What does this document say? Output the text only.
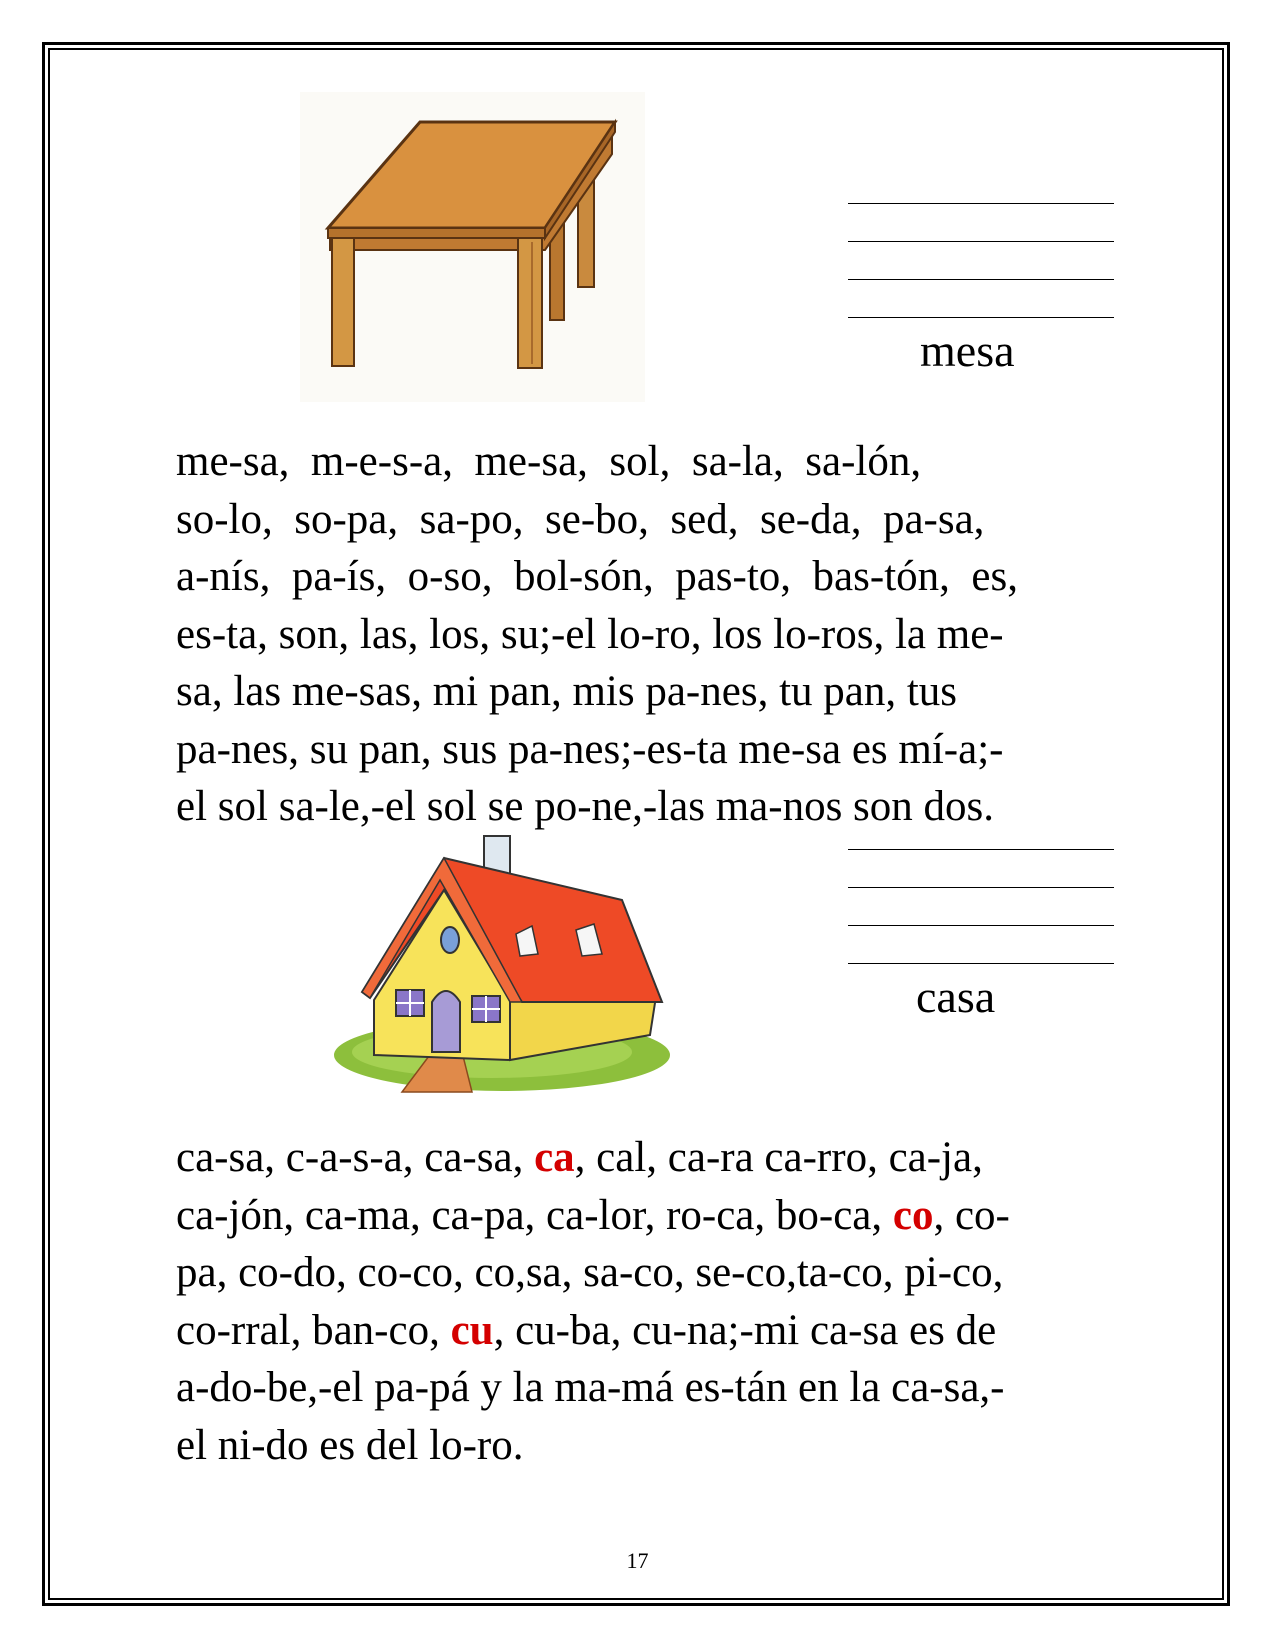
mesa
me-sa,  m-e-s-a,  me-sa,  sol,  sa-la,  sa-lón,
so-lo,  so-pa,  sa-po,  se-bo,  sed,  se-da,  pa-sa,
a-nís,  pa-ís,  o-so,  bol-són,  pas-to,  bas-tón,  es,
es-ta, son, las, los, su;-el lo-ro, los lo-ros, la me-
sa, las me-sas, mi pan, mis pa-nes, tu pan, tus
pa-nes, su pan, sus pa-nes;-es-ta me-sa es mí-a;-
el sol sa-le,-el sol se po-ne,-las ma-nos son dos.
casa
ca-sa, c-a-s-a, ca-sa, ca, cal, ca-ra ca-rro, ca-ja,
ca-jón, ca-ma, ca-pa, ca-lor, ro-ca, bo-ca, co, co-
pa, co-do, co-co, co,sa, sa-co, se-co,ta-co, pi-co,
co-rral, ban-co, cu, cu-ba, cu-na;-mi ca-sa es de
a-do-be,-el pa-pá y la ma-má es-tán en la ca-sa,-
el ni-do es del lo-ro.
17
